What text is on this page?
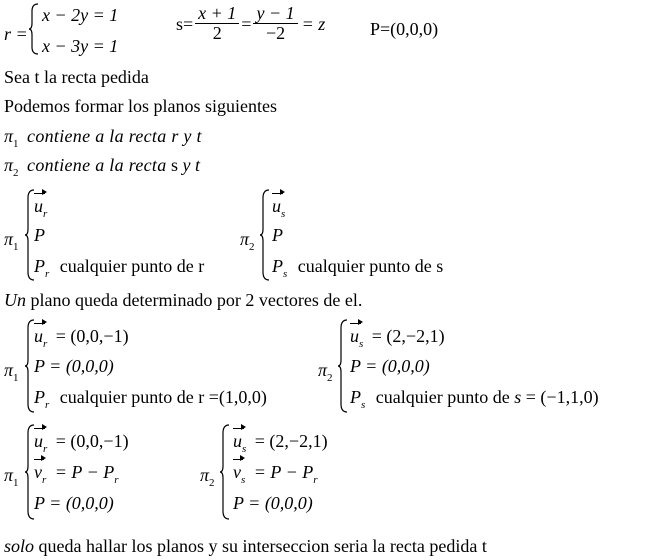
r =
x − 2y = 1
x − 3y = 1
$s= \frac{x + 1}{2} = \frac{y - 1}{-2} = z$ P=(0,0,0)
Sea t la recta pedida
Podemos formar los planos siguientes
$\pi_1$ contiene a la recta r y t
$\pi_2$ contiene a la recta s y t
$\pi_1$
$u_r$
P
$P_r$ cualquier punto de r
$\pi_2$
$u_s$
P
$P_s$ cualquier punto de s
Un plano queda determinado por 2 vectores de el.
$\pi_1$
$u_r = (0,0,-1)$
P = (0,0,0)
$P_r$ cualquier punto de r =(1,0,0)
$\pi_2$
$u_s = (2,-2,1)$
P = (0,0,0)
$P_s$ cualquier punto de s = (−1,1,0)
$\pi_1$
$u_r = (0,0,-1)$
$v_r = P - P_r$
P = (0,0,0)
$\pi_2$
$u_s = (2,-2,1)$
$v_s = P - P_r$
P = (0,0,0)
solo queda hallar los planos y su interseccion seria la recta pedida t
